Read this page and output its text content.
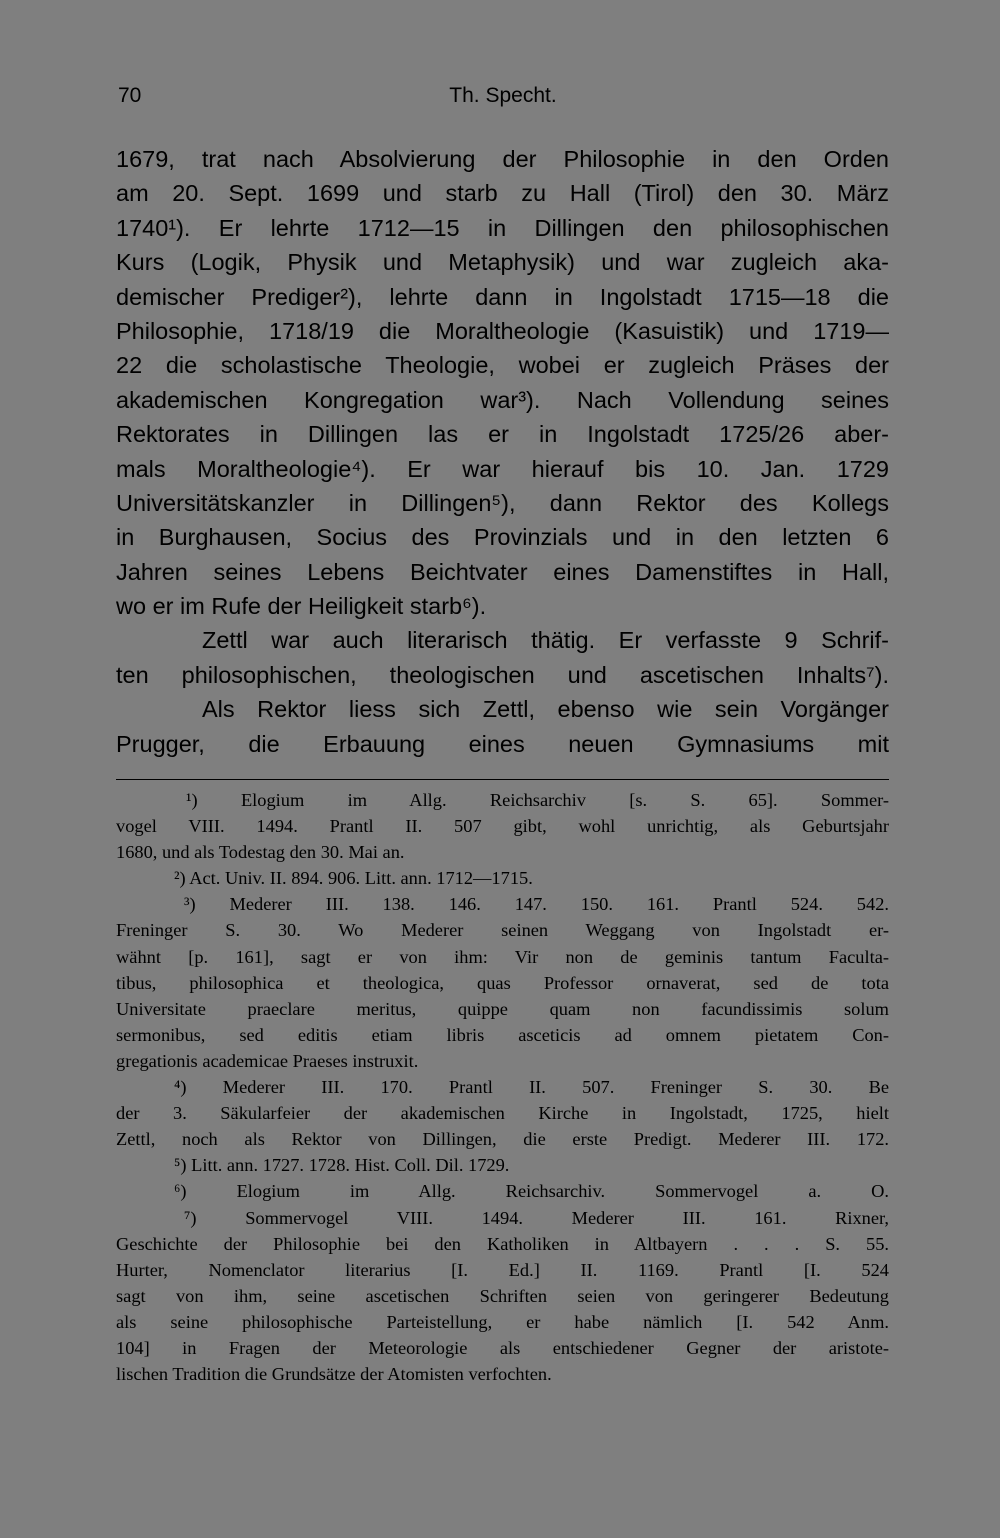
70	Th. Specht.
1679, trat nach Absolvierung der Philosophie in den Orden
am 20. Sept. 1699 und starb zu Hall (Tirol) den 30. März
1740¹). Er lehrte 1712—15 in Dillingen den philosophischen
Kurs (Logik, Physik und Metaphysik) und war zugleich aka-
demischer Prediger²), lehrte dann in Ingolstadt 1715—18 die
Philosophie, 1718/19 die Moraltheologie (Kasuistik) und 1719—
22 die scholastische Theologie, wobei er zugleich Präses der
akademischen Kongregation war³). Nach Vollendung seines
Rektorates in Dillingen las er in Ingolstadt 1725/26 aber-
mals Moraltheologie⁴). Er war hierauf bis 10. Jan. 1729
Universitätskanzler in Dillingen⁵), dann Rektor des Kollegs
in Burghausen, Socius des Provinzials und in den letzten 6
Jahren seines Lebens Beichtvater eines Damenstiftes in Hall,
wo er im Rufe der Heiligkeit starb⁶).
Zettl war auch literarisch thätig. Er verfasste 9 Schrif-
ten philosophischen, theologischen und ascetischen Inhalts⁷).
Als Rektor liess sich Zettl, ebenso wie sein Vorgänger
Prugger, die Erbauung eines neuen Gymnasiums mit
¹) Elogium im Allg. Reichsarchiv [s. S. 65]. Sommer-
vogel VIII. 1494. Prantl II. 507 gibt, wohl unrichtig, als Geburtsjahr
1680, und als Todestag den 30. Mai an.
²) Act. Univ. II. 894. 906. Litt. ann. 1712—1715.
³) Mederer III. 138. 146. 147. 150. 161. Prantl 524. 542.
Freninger S. 30. Wo Mederer seinen Weggang von Ingolstadt er-
wähnt [p. 161], sagt er von ihm: Vir non de geminis tantum Faculta-
tibus, philosophica et theologica, quas Professor ornaverat, sed de tota
Universitate praeclare meritus, quippe quam non facundissimis solum
sermonibus, sed editis etiam libris asceticis ad omnem pietatem Con-
gregationis academicae Praeses instruxit.
⁴) Mederer III. 170. Prantl II. 507. Freninger S. 30. Be
der 3. Säkularfeier der akademischen Kirche in Ingolstadt, 1725, hielt
Zettl, noch als Rektor von Dillingen, die erste Predigt. Mederer III. 172.
⁵) Litt. ann. 1727. 1728. Hist. Coll. Dil. 1729.
⁶) Elogium im Allg. Reichsarchiv. Sommervogel a. O.
⁷) Sommervogel VIII. 1494. Mederer III. 161. Rixner,
Geschichte der Philosophie bei den Katholiken in Altbayern . . . S. 55.
Hurter, Nomenclator literarius [I. Ed.] II. 1169. Prantl [I. 524
sagt von ihm, seine ascetischen Schriften seien von geringerer Bedeutung
als seine philosophische Parteistellung, er habe nämlich [I. 542 Anm.
104] in Fragen der Meteorologie als entschiedener Gegner der aristote-
lischen Tradition die Grundsätze der Atomisten verfochten.
